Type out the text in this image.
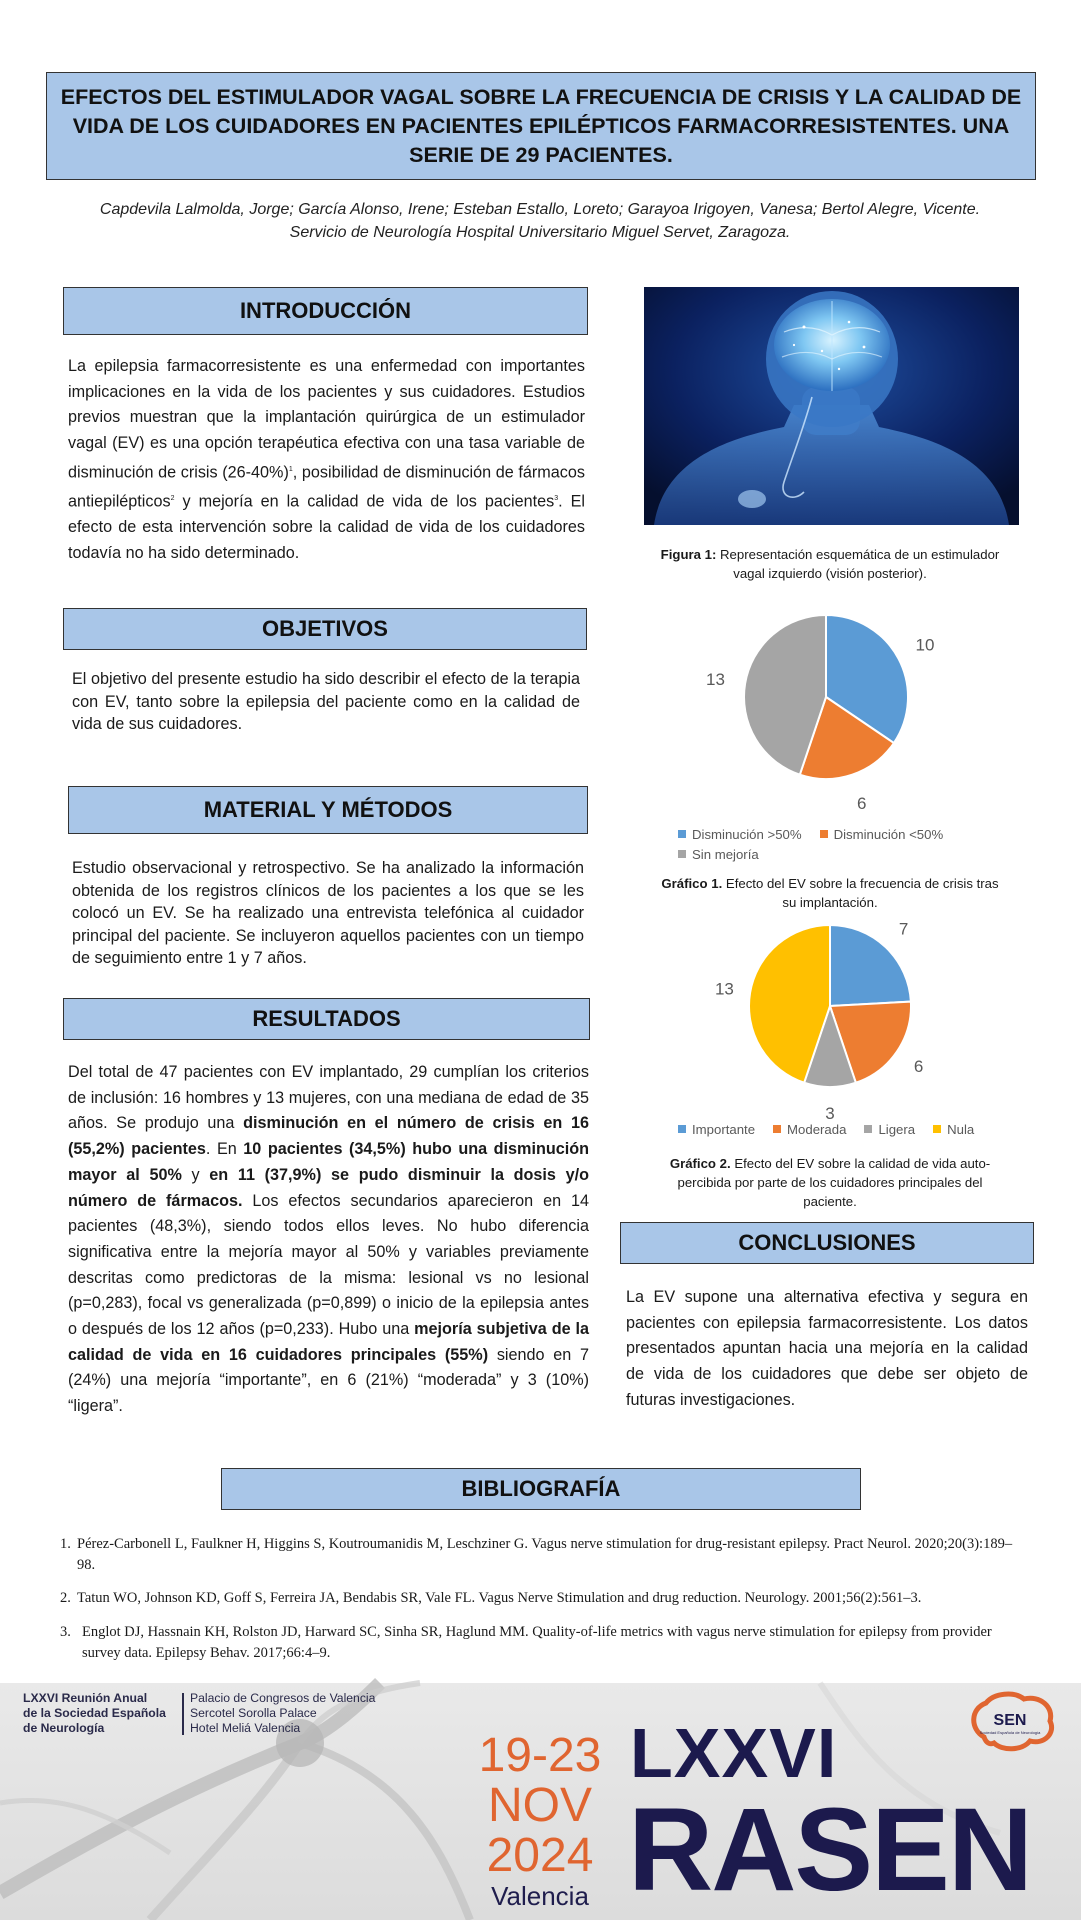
EFECTOS DEL ESTIMULADOR VAGAL SOBRE LA FRECUENCIA DE CRISIS Y LA CALIDAD DE VIDA DE LOS CUIDADORES EN PACIENTES EPILÉPTICOS FARMACORRESISTENTES. UNA SERIE DE 29 PACIENTES.
Capdevila Lalmolda, Jorge; García Alonso, Irene; Esteban Estallo, Loreto; Garayoa Irigoyen, Vanesa; Bertol Alegre, Vicente.
Servicio de Neurología Hospital Universitario Miguel Servet, Zaragoza.
INTRODUCCIÓN
La epilepsia farmacorresistente es una enfermedad con importantes implicaciones en la vida de los pacientes y sus cuidadores. Estudios previos muestran que la implantación quirúrgica de un estimulador vagal (EV) es una opción terapéutica efectiva con una tasa variable de disminución de crisis (26-40%)$^1$, posibilidad de disminución de fármacos antiepilépticos$^2$ y mejoría en la calidad de vida de los pacientes$^3$. El efecto de esta intervención sobre la calidad de vida de los cuidadores todavía no ha sido determinado.
OBJETIVOS
El objetivo del presente estudio ha sido describir el efecto de la terapia con EV, tanto sobre la epilepsia del paciente como en la calidad de vida de sus cuidadores.
MATERIAL Y MÉTODOS
Estudio observacional y retrospectivo. Se ha analizado la información obtenida de los registros clínicos de los pacientes a los que se les colocó un EV. Se ha realizado una entrevista telefónica al cuidador principal del paciente. Se incluyeron aquellos pacientes con un tiempo de seguimiento entre 1 y 7 años.
RESULTADOS
Del total de 47 pacientes con EV implantado, 29 cumplían los criterios de inclusión: 16 hombres y 13 mujeres, con una mediana de edad de 35 años. Se produjo una disminución en el número de crisis en 16 (55,2%) pacientes. En 10 pacientes (34,5%) hubo una disminución mayor al 50% y en 11 (37,9%) se pudo disminuir la dosis y/o número de fármacos. Los efectos secundarios aparecieron en 14 pacientes (48,3%), siendo todos ellos leves. No hubo diferencia significativa entre la mejoría mayor al 50% y variables previamente descritas como predictoras de la misma: lesional vs no lesional (p=0,283), focal vs generalizada (p=0,899) o inicio de la epilepsia antes o después de los 12 años (p=0,233). Hubo una mejoría subjetiva de la calidad de vida en 16 cuidadores principales (55%) siendo en 7 (24%) una mejoría “importante”, en 6 (21%) “moderada” y 3 (10%) “ligera”.
Figura 1: Representación esquemática de un estimulador vagal izquierdo (visión posterior).
10
6
13
Disminución >50% Disminución <50%
Sin mejoría
Gráfico 1. Efecto del EV sobre la frecuencia de crisis tras su implantación.
7
6
3
13
Importante Moderada Ligera Nula
Gráfico 2. Efecto del EV sobre la calidad de vida auto-percibida por parte de los cuidadores principales del paciente.
CONCLUSIONES
La EV supone una alternativa efectiva y segura en pacientes con epilepsia farmacorresistente. Los datos presentados apuntan hacia una mejoría en la calidad de vida de los cuidadores que debe ser objeto de futuras investigaciones.
BIBLIOGRAFÍA
1. Pérez-Carbonell L, Faulkner H, Higgins S, Koutroumanidis M, Leschziner G. Vagus nerve stimulation for drug-resistant epilepsy. Pract Neurol. 2020;20(3):189–98.
2. Tatun WO, Johnson KD, Goff S, Ferreira JA, Bendabis SR, Vale FL. Vagus Nerve Stimulation and drug reduction. Neurology. 2001;56(2):561–3.
3. Englot DJ, Hassnain KH, Rolston JD, Harward SC, Sinha SR, Haglund MM. Quality-of-life metrics with vagus nerve stimulation for epilepsy from provider survey data. Epilepsy Behav. 2017;66:4–9.
LXXVI Reunión Anual
de la Sociedad Española
de Neurología
Palacio de Congresos de Valencia
Sercotel Sorolla Palace
Hotel Meliá Valencia
19-23
NOV
2024
Valencia
LXXVI
RASEN
SEN
Sociedad Española de Neurología
